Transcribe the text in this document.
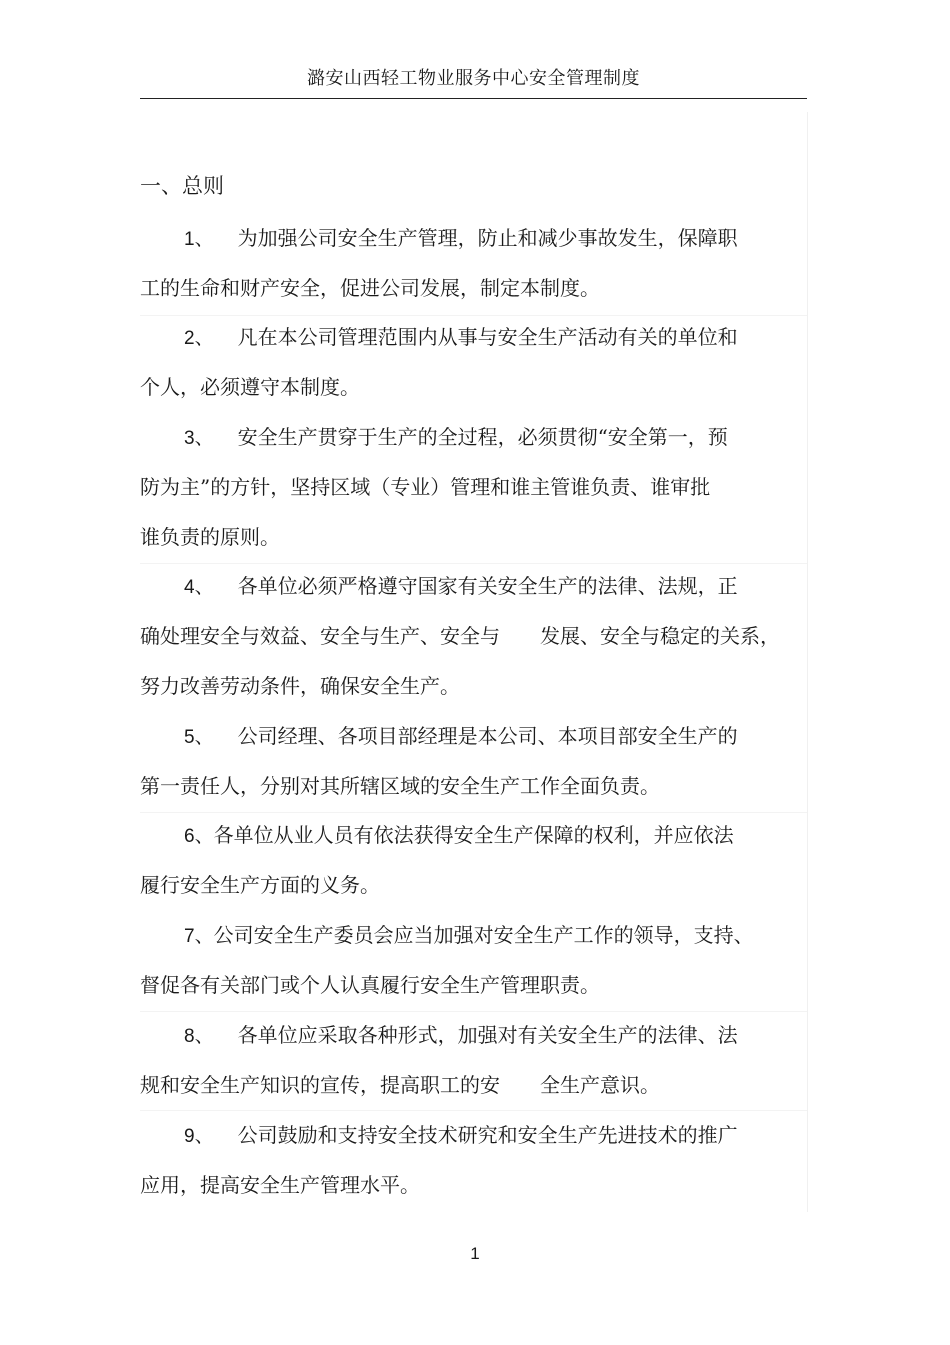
潞安山西轻工物业服务中心安全管理制度
一、总则
1、 为加强公司安全生产管理，防止和减少事故发生，保障职
工的生命和财产安全，促进公司发展，制定本制度。
2、 凡在本公司管理范围内从事与安全生产活动有关的单位和
个人，必须遵守本制度。
3、 安全生产贯穿于生产的全过程，必须贯彻“安全第一，预
防为主”的方针，坚持区域（专业）管理和谁主管谁负责、谁审批
谁负责的原则。
4、 各单位必须严格遵守国家有关安全生产的法律、法规，正
确处理安全与效益、安全与生产、安全与　　发展、安全与稳定的关系，
努力改善劳动条件，确保安全生产。
5、 公司经理、各项目部经理是本公司、本项目部安全生产的
第一责任人，分别对其所辖区域的安全生产工作全面负责。
6、各单位从业人员有依法获得安全生产保障的权利，并应依法
履行安全生产方面的义务。
7、公司安全生产委员会应当加强对安全生产工作的领导，支持、
督促各有关部门或个人认真履行安全生产管理职责。
8、 各单位应采取各种形式，加强对有关安全生产的法律、法
规和安全生产知识的宣传，提高职工的安　　全生产意识。
9、 公司鼓励和支持安全技术研究和安全生产先进技术的推广
应用，提高安全生产管理水平。
1
